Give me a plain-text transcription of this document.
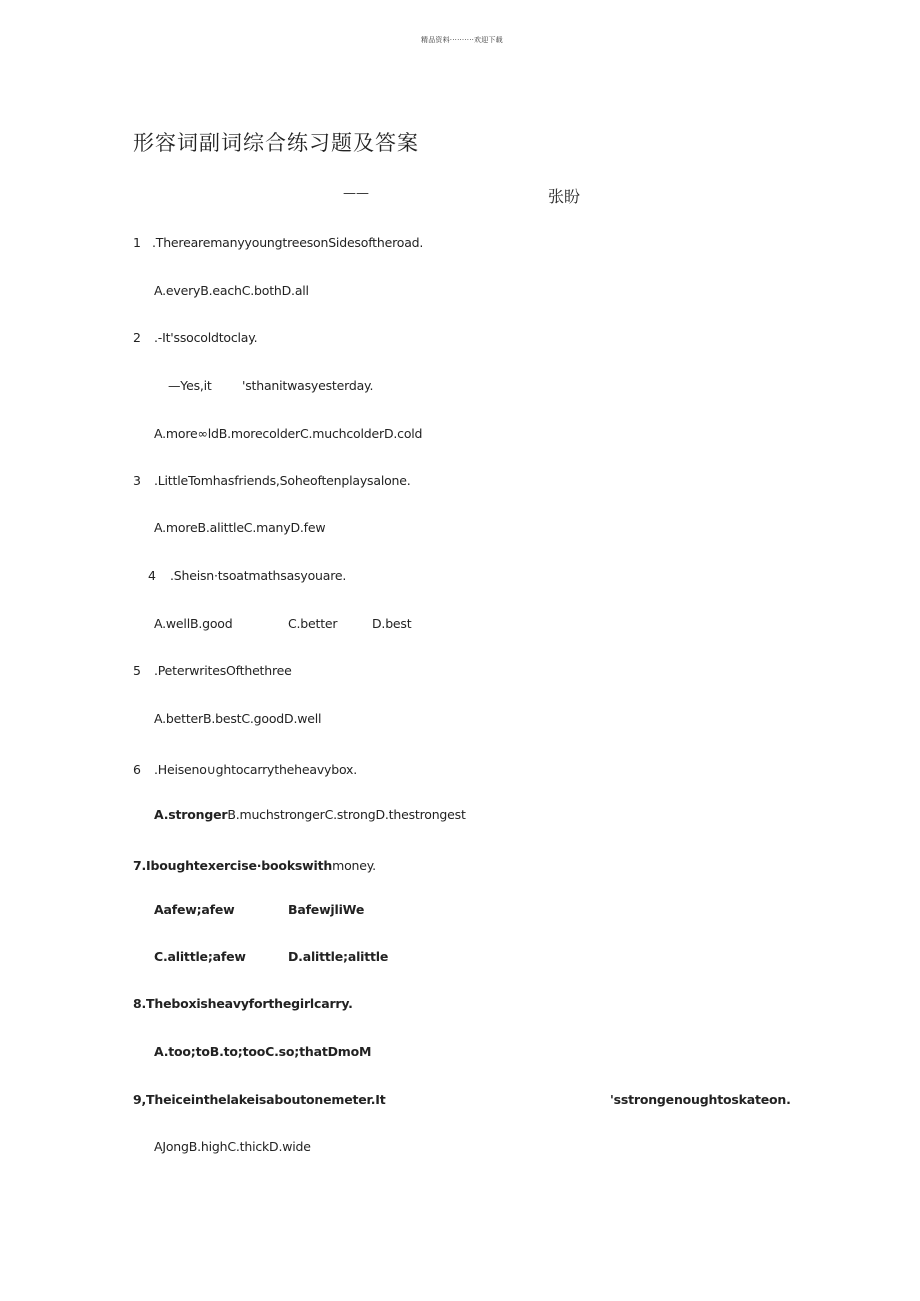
精品资料··········欢迎下载
形容词副词综合练习题及答案
——	张盼
1 .TherearemanyyoungtreesonSidesoftheroad.
A.everyB.eachC.bothD.all
2 .-It'ssocoldtoclay.
—Yes,it 'sthanitwasyesterday.
A.more∞ldB.morecolderC.muchcolderD.cold
3 .LittleTomhasfriends,Soheoftenplaysalone.
A.moreB.alittleC.manyD.few
4 .Sheisn·tsoatmathsasyouare.
A.wellB.good	C.better	D.best
5 .PeterwritesOfthethree
A.betterB.bestC.goodD.well
6 .Heiseno∪ghtocarrytheheavybox.
A.strongerB.muchstrongerC.strongD.thestrongest
7.Iboughtexercise·bookswithmoney.
Aafew;afew	BafewjliWe
C.alittle;afew	D.alittle;alittle
8.Theboxisheavyforthegirlcarry.
A.too;toB.to;tooC.so;thatDmoM
9,Theiceinthelakeisaboutonemeter.It	'sstrongenoughtoskateon.
AJongB.highC.thickD.wide
